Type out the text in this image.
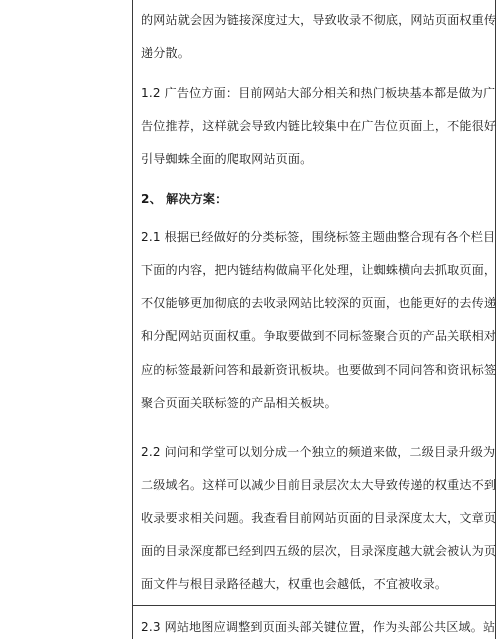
的网站就会因为链接深度过大，导致收录不彻底，网站页面权重传
递分散。
1.2 广告位方面：目前网站大部分相关和热门板块基本都是做为广
告位推荐，这样就会导致内链比较集中在广告位页面上，不能很好
引导蜘蛛全面的爬取网站页面。
2、 解决方案：
2.1 根据已经做好的分类标签，围绕标签主题曲整合现有各个栏目
下面的内容，把内链结构做扁平化处理，让蜘蛛横向去抓取页面，
不仅能够更加彻底的去收录网站比较深的页面，也能更好的去传递
和分配网站页面权重。争取要做到不同标签聚合页的产品关联相对
应的标签最新问答和最新资讯板块。也要做到不同问答和资讯标签
聚合页面关联标签的产品相关板块。
2.2 问问和学堂可以划分成一个独立的频道来做，二级目录升级为
二级域名。这样可以减少目前目录层次太大导致传递的权重达不到
收录要求相关问题。我查看目前网站页面的目录深度太大，文章页
面的目录深度都已经到四五级的层次，目录深度越大就会被认为页
面文件与根目录路径越大，权重也会越低，不宜被收录。
2.3 网站地图应调整到页面头部关键位置，作为头部公共区域。站
